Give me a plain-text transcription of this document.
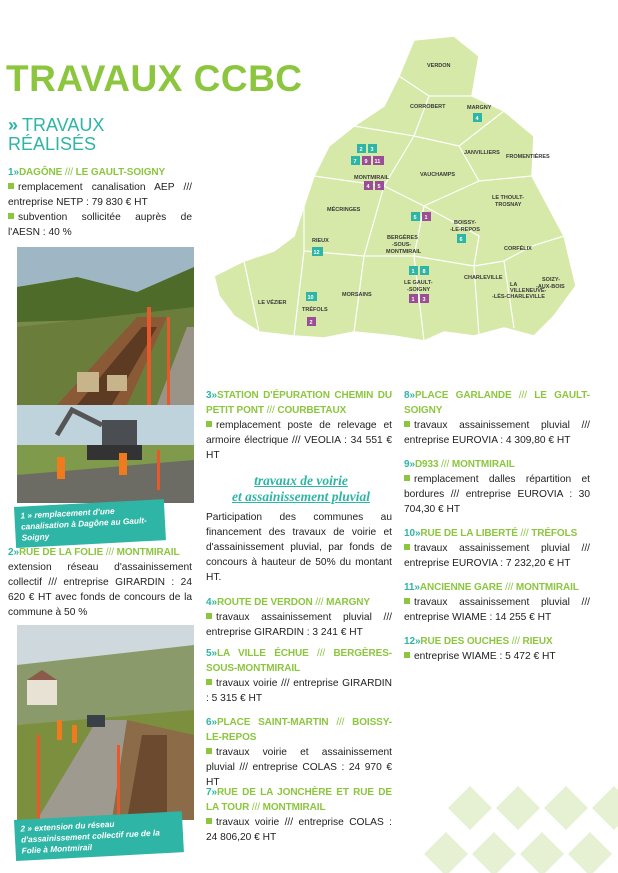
TRAVAUX CCBC
» TRAVAUX
RÉALISÉS
1»DAGÔNE /// LE GAULT-SOIGNY
remplacement canalisation AEP /// entreprise NETP : 79 830 € HT
subvention sollicitée auprès de l'AESN : 40 %
1 » remplacement d'une canalisation à Dagône au Gault-Soigny
2»RUE DE LA FOLIE /// MONTMIRAIL
extension réseau d'assainissement collectif /// entreprise GIRARDIN : 24 620 € HT avec fonds de concours de la commune à 50 %
2 » extension du réseau d'assainissement collectif rue de la Folie à Montmirail
VERDON
CORROBERT	MARGNY
JANVILLIERS
FROMENTIÈRES
MONTMIRAIL	VAUCHAMPS
LE THOULT-
TROSNAY
MÉCRINGES
BERGÈRES
-SOUS-
MONTMIRAIL
BOISSY-
-LE-REPOS
CORFÉLIX
RIEUX
CHARLEVILLE
LA
VILLENEUVE-
-LÈS-CHARLEVILLE
SOIZY-
-AUX-BOIS
LE GAULT-
-SOIGNY
LE VÉZIER
MORSAINS
TRÉFOLS
2 3
7 9 11
4 5
4
5 1
6
12
1 8
1 3
10
2
3»STATION D'ÉPURATION CHEMIN DU PETIT PONT /// COURBETAUX
remplacement poste de relevage et armoire électrique /// VEOLIA : 34 551 € HT
travaux de voirie
et assainissement pluvial
Participation des communes au financement des travaux de voirie et d'assainissement pluvial, par fonds de concours à hauteur de 50% du montant HT.
4»ROUTE DE VERDON /// MARGNY
travaux assainissement pluvial /// entreprise GIRARDIN : 3 241 € HT
5»LA VILLE ÉCHUE /// BERGÈRES-SOUS-MONTMIRAIL
travaux voirie /// entreprise GIRARDIN : 5 315 € HT
6»PLACE SAINT-MARTIN /// BOISSY-LE-REPOS
travaux voirie et assainissement pluvial /// entreprise COLAS : 24 970 € HT
7»RUE DE LA JONCHÈRE ET RUE DE LA TOUR /// MONTMIRAIL
travaux voirie /// entreprise COLAS : 24 806,20 € HT
8»PLACE GARLANDE /// LE GAULT-SOIGNY
travaux assainissement pluvial /// entreprise EUROVIA : 4 309,80 € HT
9»D933 /// MONTMIRAIL
remplacement dalles répartition et bordures /// entreprise EUROVIA : 30 704,30 € HT
10»RUE DE LA LIBERTÉ /// TRÉFOLS
travaux assainissement pluvial /// entreprise EUROVIA : 7 232,20 € HT
11»ANCIENNE GARE /// MONTMIRAIL
travaux assainissement pluvial /// entreprise WIAME : 14 255 € HT
12»RUE DES OUCHES /// RIEUX
entreprise WIAME : 5 472 € HT
